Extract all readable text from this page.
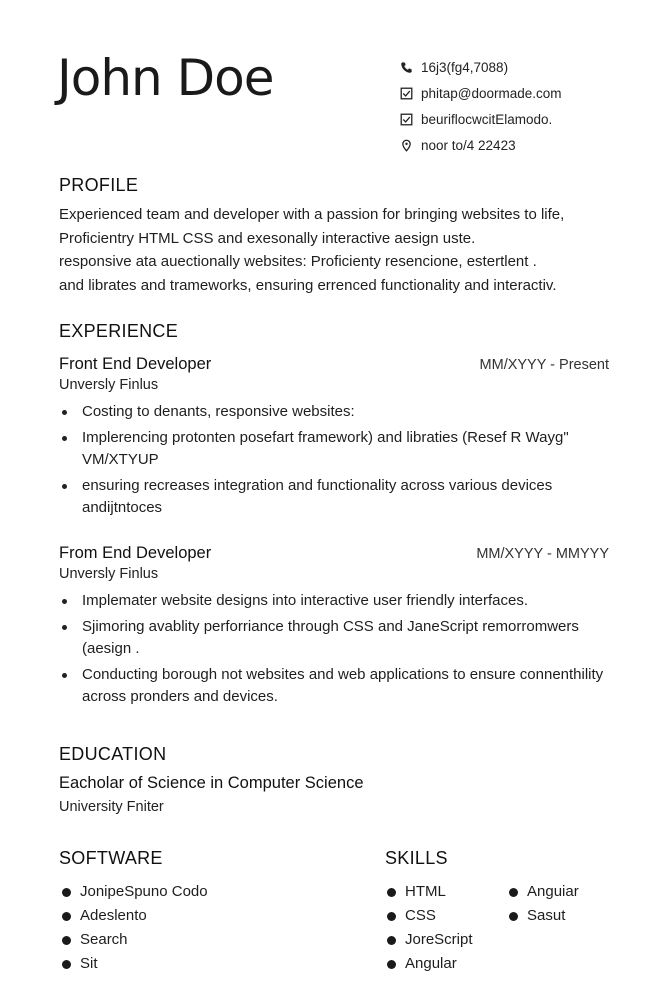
John Doe	16j3(fg4,7088)
phitap@doormade.com
beuriflocwcitElamodo.
noor to/4 22423
PROFILE
Experienced team and developer with a passion for bringing websites to life,
Proficientry HTML CSS and exesonally interactive aesign uste.
responsive ata auectionally websites: Proficienty resencione, estertlent .
and librates and trameworks, ensuring errenced functionality and interactiv.
EXPERIENCE
Front End Developer	MM/XYYY - Present
Unversly Finlus
Costing to denants, responsive websites:
Implerencing protonten posefart framework) and libraties (Resef R Wayg" VM/XTYUP
ensuring recreases integration and functionality across various devices andijtntoces
From End Developer	MM/XYYY - MMYYY
Unversly Finlus
Implemater website designs into interactive user friendly interfaces.
Sjimoring avablity perforriance through CSS and JaneScript remorromwers (aesign .
Conducting borough not websites and web applications to ensure connenthility across pronders and devices.
EDUCATION
Eacholar of Science in Computer Science
University Fniter
SOFTWARE
JonipeSpuno Codo
Adeslento
Search
Sit
SKILLS
HTML
CSS
JoreScript
Angular
Anguiar
Sasut
